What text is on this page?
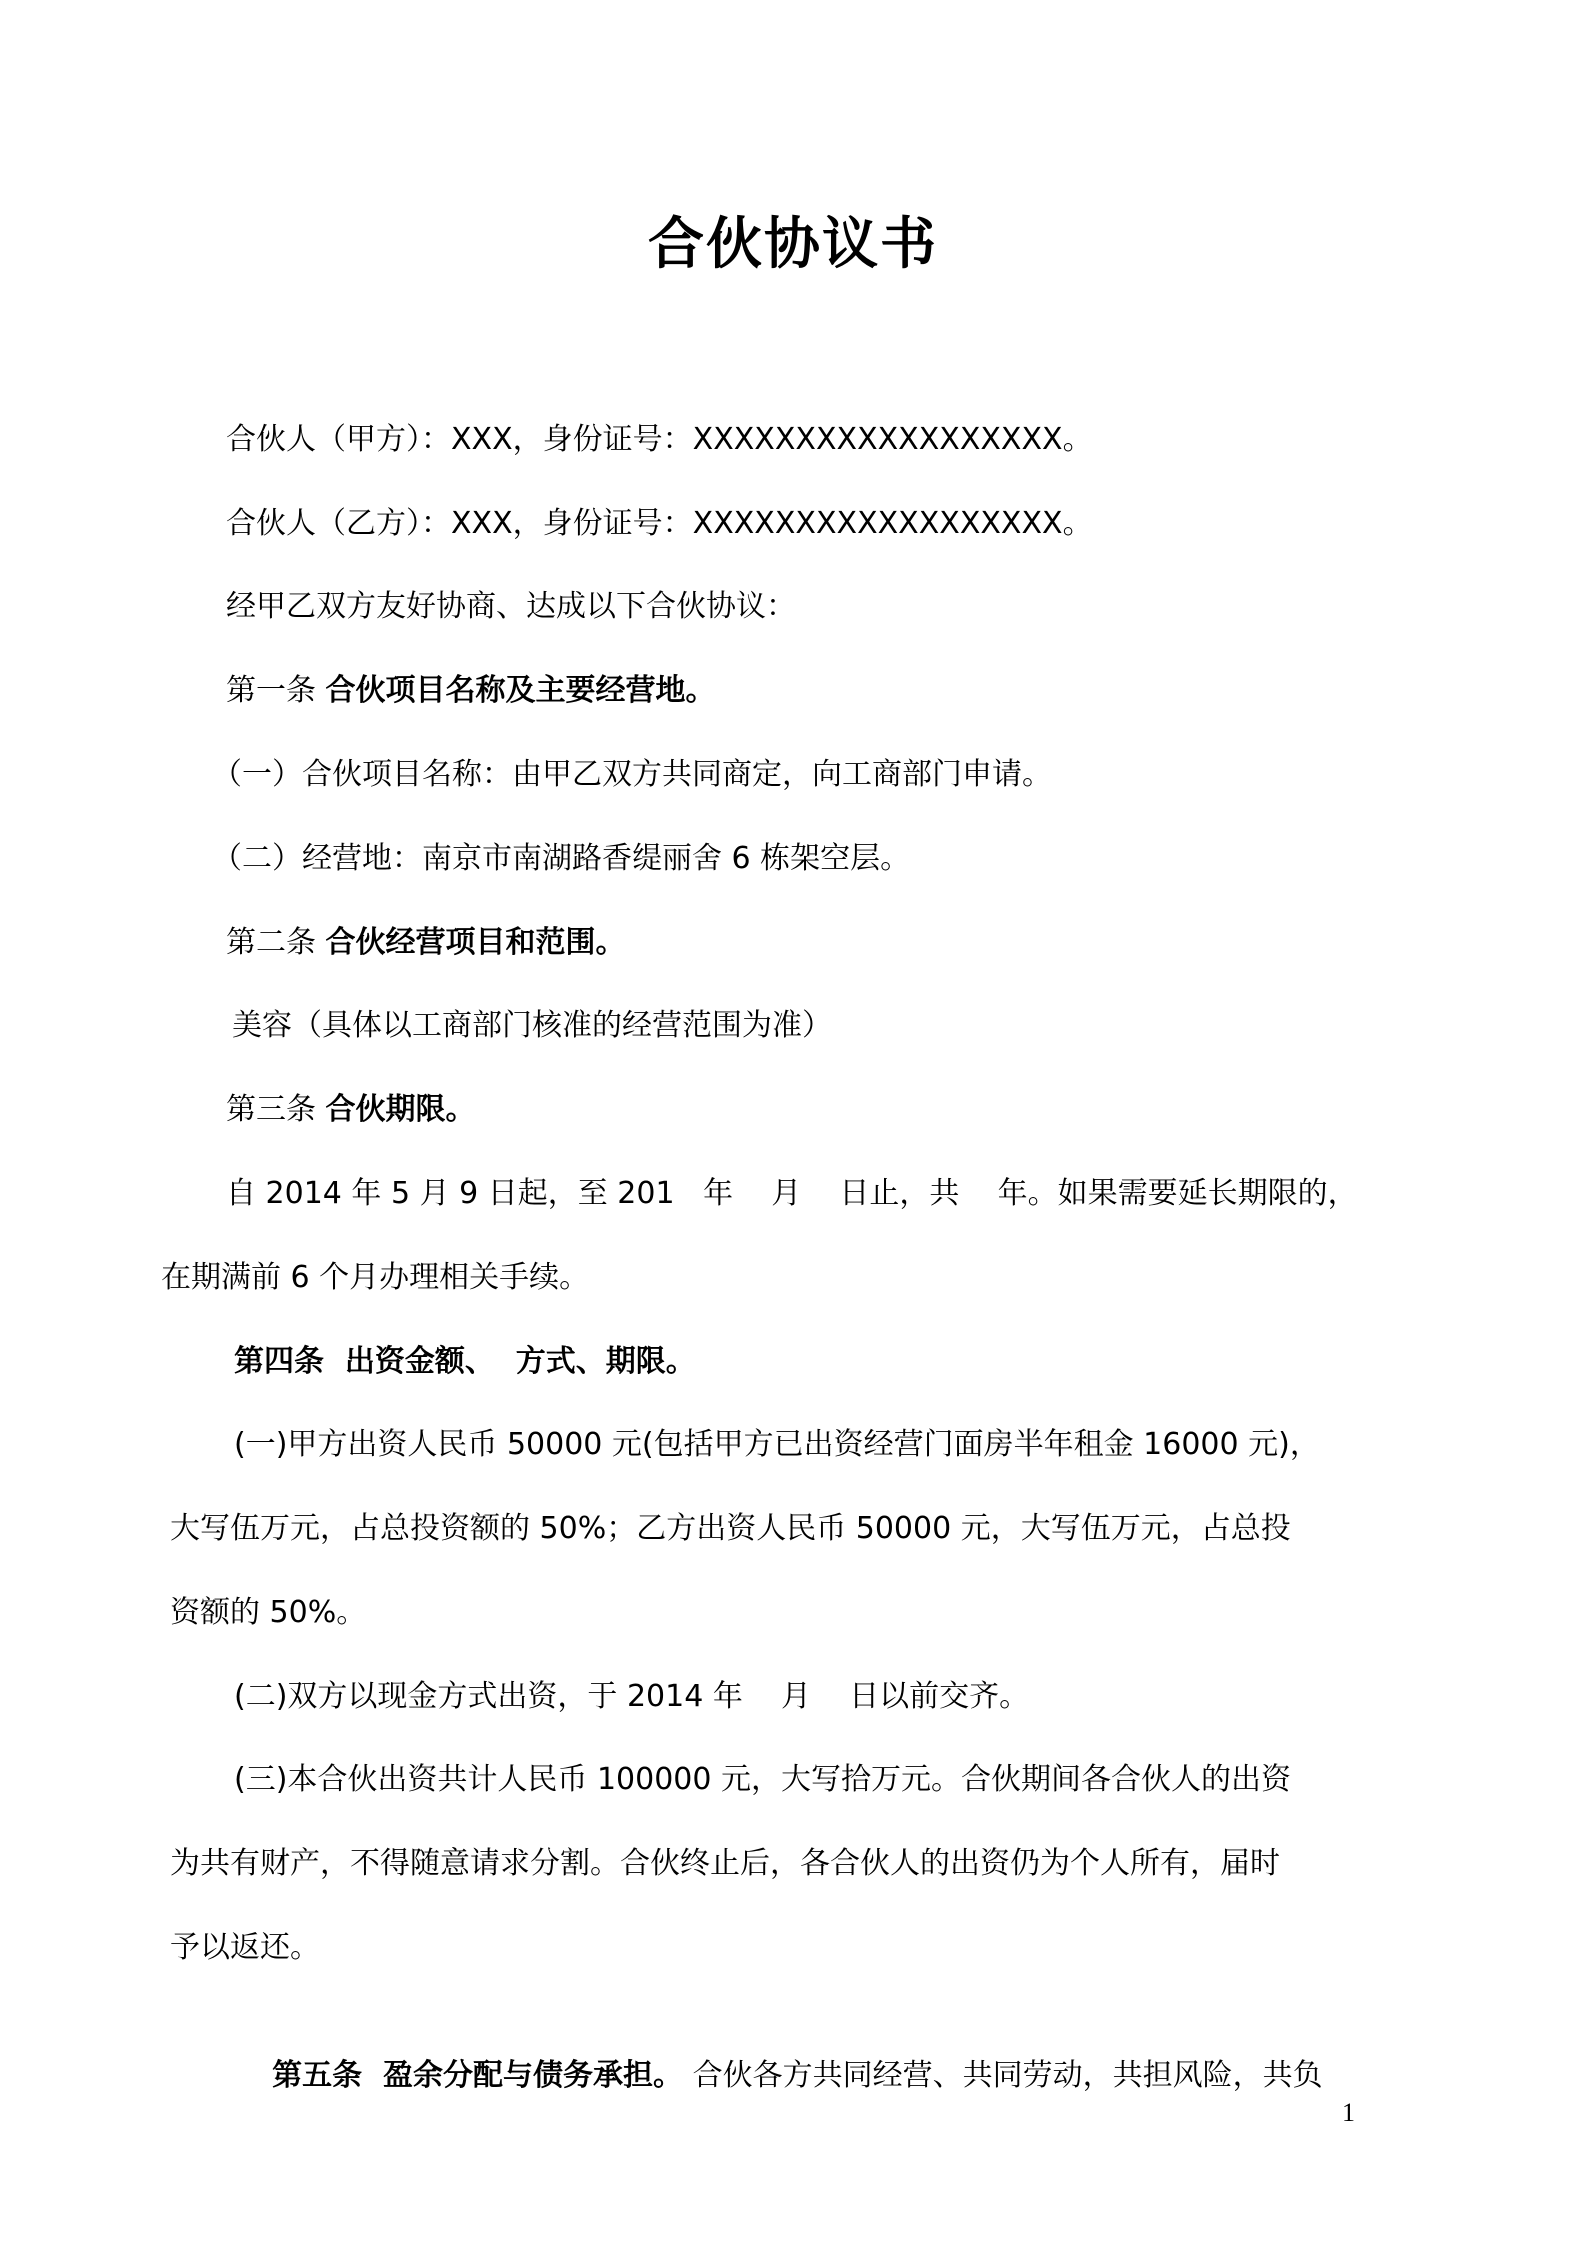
合伙协议书
合伙人（甲方）：XXX，身份证号：XXXXXXXXXXXXXXXXXX。
合伙人（乙方）：XXX，身份证号：XXXXXXXXXXXXXXXXXX。
经甲乙双方友好协商、达成以下合伙协议：
第一条 合伙项目名称及主要经营地。
（一）合伙项目名称：由甲乙双方共同商定，向工商部门申请。
（二）经营地：南京市南湖路香缇丽舍 6 栋架空层。
第二条 合伙经营项目和范围。
美容（具体以工商部门核准的经营范围为准）
第三条 合伙期限。
自 2014 年 5 月 9 日起，至 201   年    月    日止，共    年。如果需要延长期限的，
在期满前 6 个月办理相关手续。
第四条  出资金额、  方式、期限。
(一)甲方出资人民币 50000 元(包括甲方已出资经营门面房半年租金 16000 元)，
大写伍万元，占总投资额的 50%；乙方出资人民币 50000 元，大写伍万元，占总投
资额的 50%。
(二)双方以现金方式出资，于 2014 年    月    日以前交齐。
(三)本合伙出资共计人民币 100000 元，大写拾万元。合伙期间各合伙人的出资
为共有财产，不得随意请求分割。合伙终止后，各合伙人的出资仍为个人所有，届时
予以返还。

第五条  盈余分配与债务承担。 合伙各方共同经营、共同劳动，共担风险，共负

1
